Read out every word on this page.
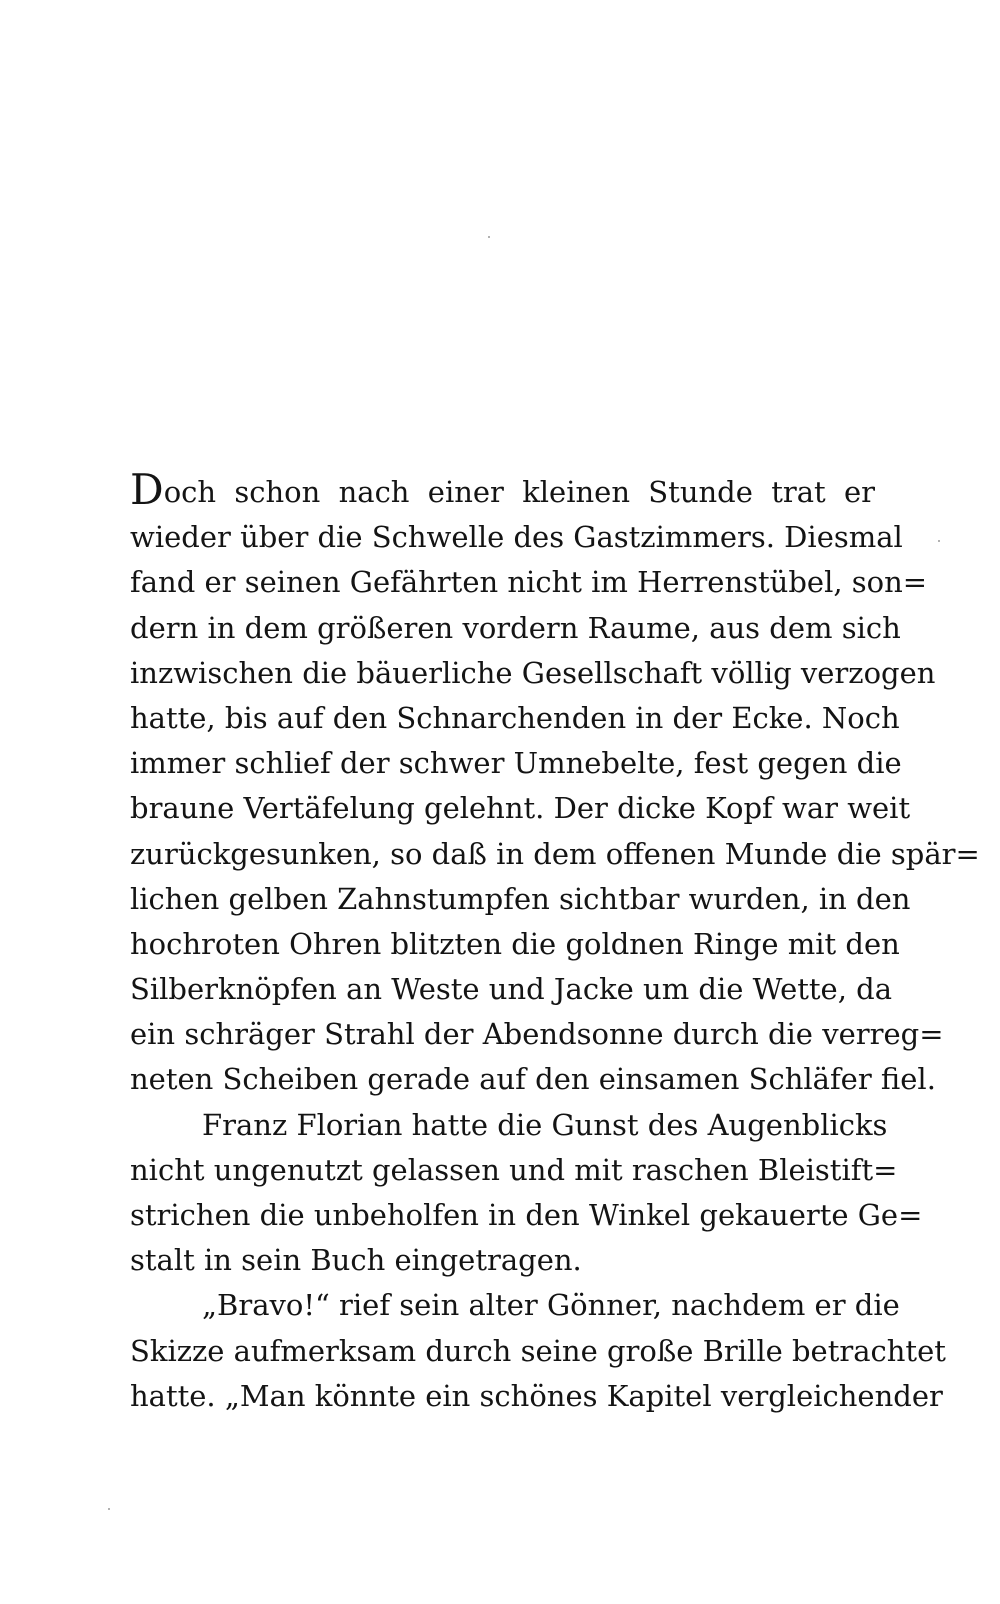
Doch schon nach einer kleinen Stunde trat er
wieder über die Schwelle des Gastzimmers. Diesmal
fand er seinen Gefährten nicht im Herrenstübel, son=
dern in dem größeren vordern Raume, aus dem sich
inzwischen die bäuerliche Gesellschaft völlig verzogen
hatte, bis auf den Schnarchenden in der Ecke. Noch
immer schlief der schwer Umnebelte, fest gegen die
braune Vertäfelung gelehnt. Der dicke Kopf war weit
zurückgesunken, so daß in dem offenen Munde die spär=
lichen gelben Zahnstumpfen sichtbar wurden, in den
hochroten Ohren blitzten die goldnen Ringe mit den
Silberknöpfen an Weste und Jacke um die Wette, da
ein schräger Strahl der Abendsonne durch die verreg=
neten Scheiben gerade auf den einsamen Schläfer fiel.
Franz Florian hatte die Gunst des Augenblicks
nicht ungenutzt gelassen und mit raschen Bleistift=
strichen die unbeholfen in den Winkel gekauerte Ge=
stalt in sein Buch eingetragen.
„Bravo!“ rief sein alter Gönner, nachdem er die
Skizze aufmerksam durch seine große Brille betrachtet
hatte. „Man könnte ein schönes Kapitel vergleichender
